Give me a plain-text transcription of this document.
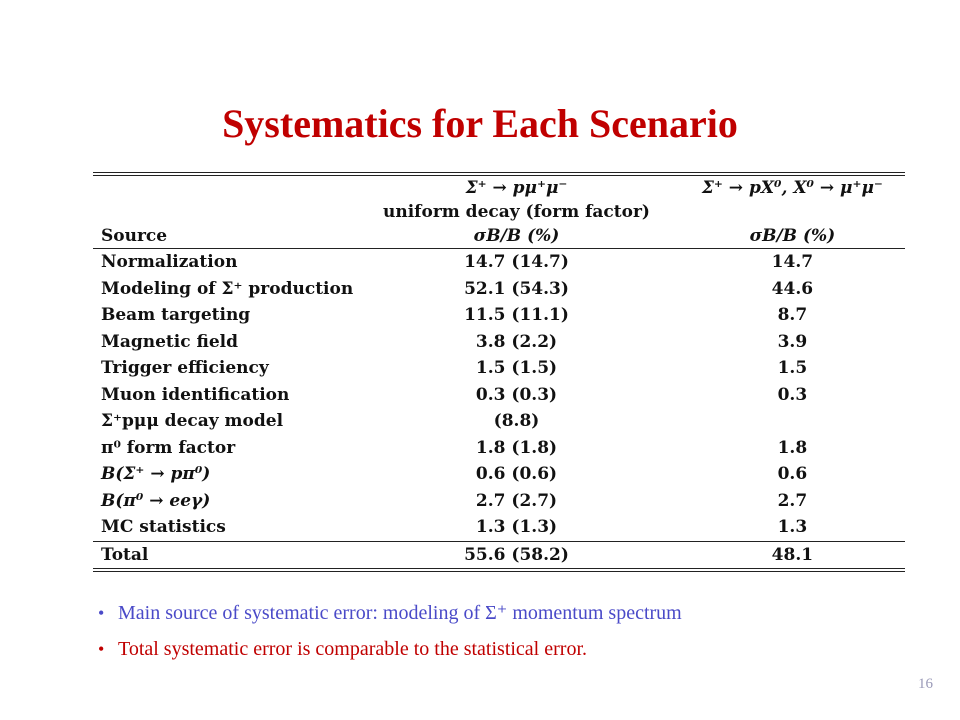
Systematics for Each Scenario
	Σ⁺ → pμ⁺μ⁻	Σ⁺ → pX⁰, X⁰ → μ⁺μ⁻
	uniform decay (form factor)	
Source	σB/B (%)	σB/B (%)
Normalization	14.7 (14.7)	14.7
Modeling of Σ⁺ production	52.1 (54.3)	44.6
Beam targeting	11.5 (11.1)	8.7
Magnetic field	3.8 (2.2)	3.9
Trigger efficiency	1.5 (1.5)	1.5
Muon identification	0.3 (0.3)	0.3
Σ⁺pμμ decay model	(8.8)	
π⁰ form factor	1.8 (1.8)	1.8
B(Σ⁺ → pπ⁰)	0.6 (0.6)	0.6
B(π⁰ → eeγ)	2.7 (2.7)	2.7
MC statistics	1.3 (1.3)	1.3
Total	55.6 (58.2)	48.1
• Main source of systematic error: modeling of Σ⁺ momentum spectrum
• Total systematic error is comparable to the statistical error.
16
